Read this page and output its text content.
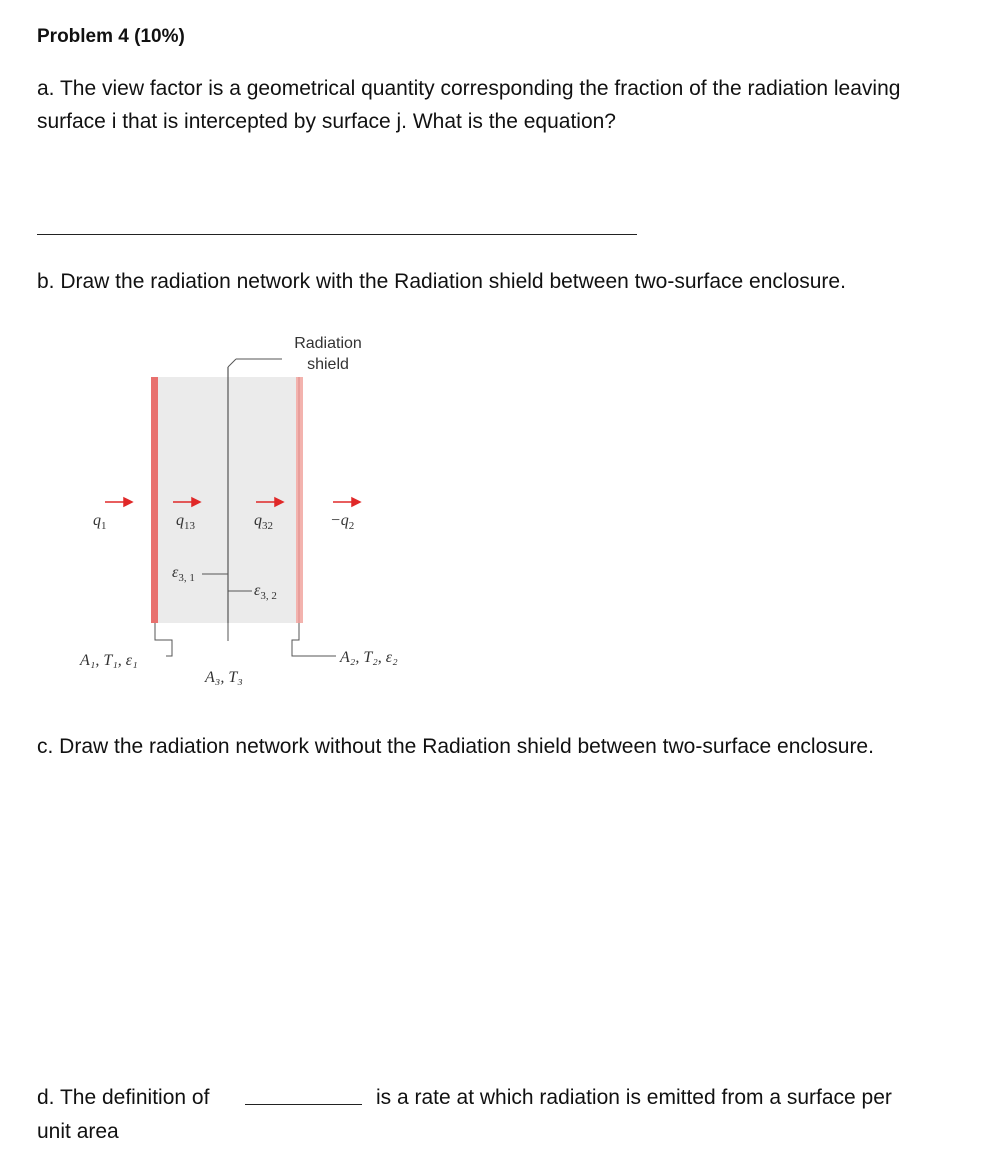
Problem 4 (10%)
a. The view factor is a geometrical quantity corresponding the fraction of the radiation leaving surface i that is intercepted by surface j. What is the equation?
b. Draw the radiation network with the Radiation shield between two-surface enclosure.
Radiation
shield
$q_1$	$q_{13}$	$q_{32}$	$-q_2$
$\varepsilon_{3, 1}$
$\varepsilon_{3, 2}$
A₁, T₁, ε₁
A₃, T₃
A₂, T₂, ε₂
c. Draw the radiation network without the Radiation shield between two-surface enclosure.
d. The definition of	is a rate at which radiation is emitted from a surface per
unit area
